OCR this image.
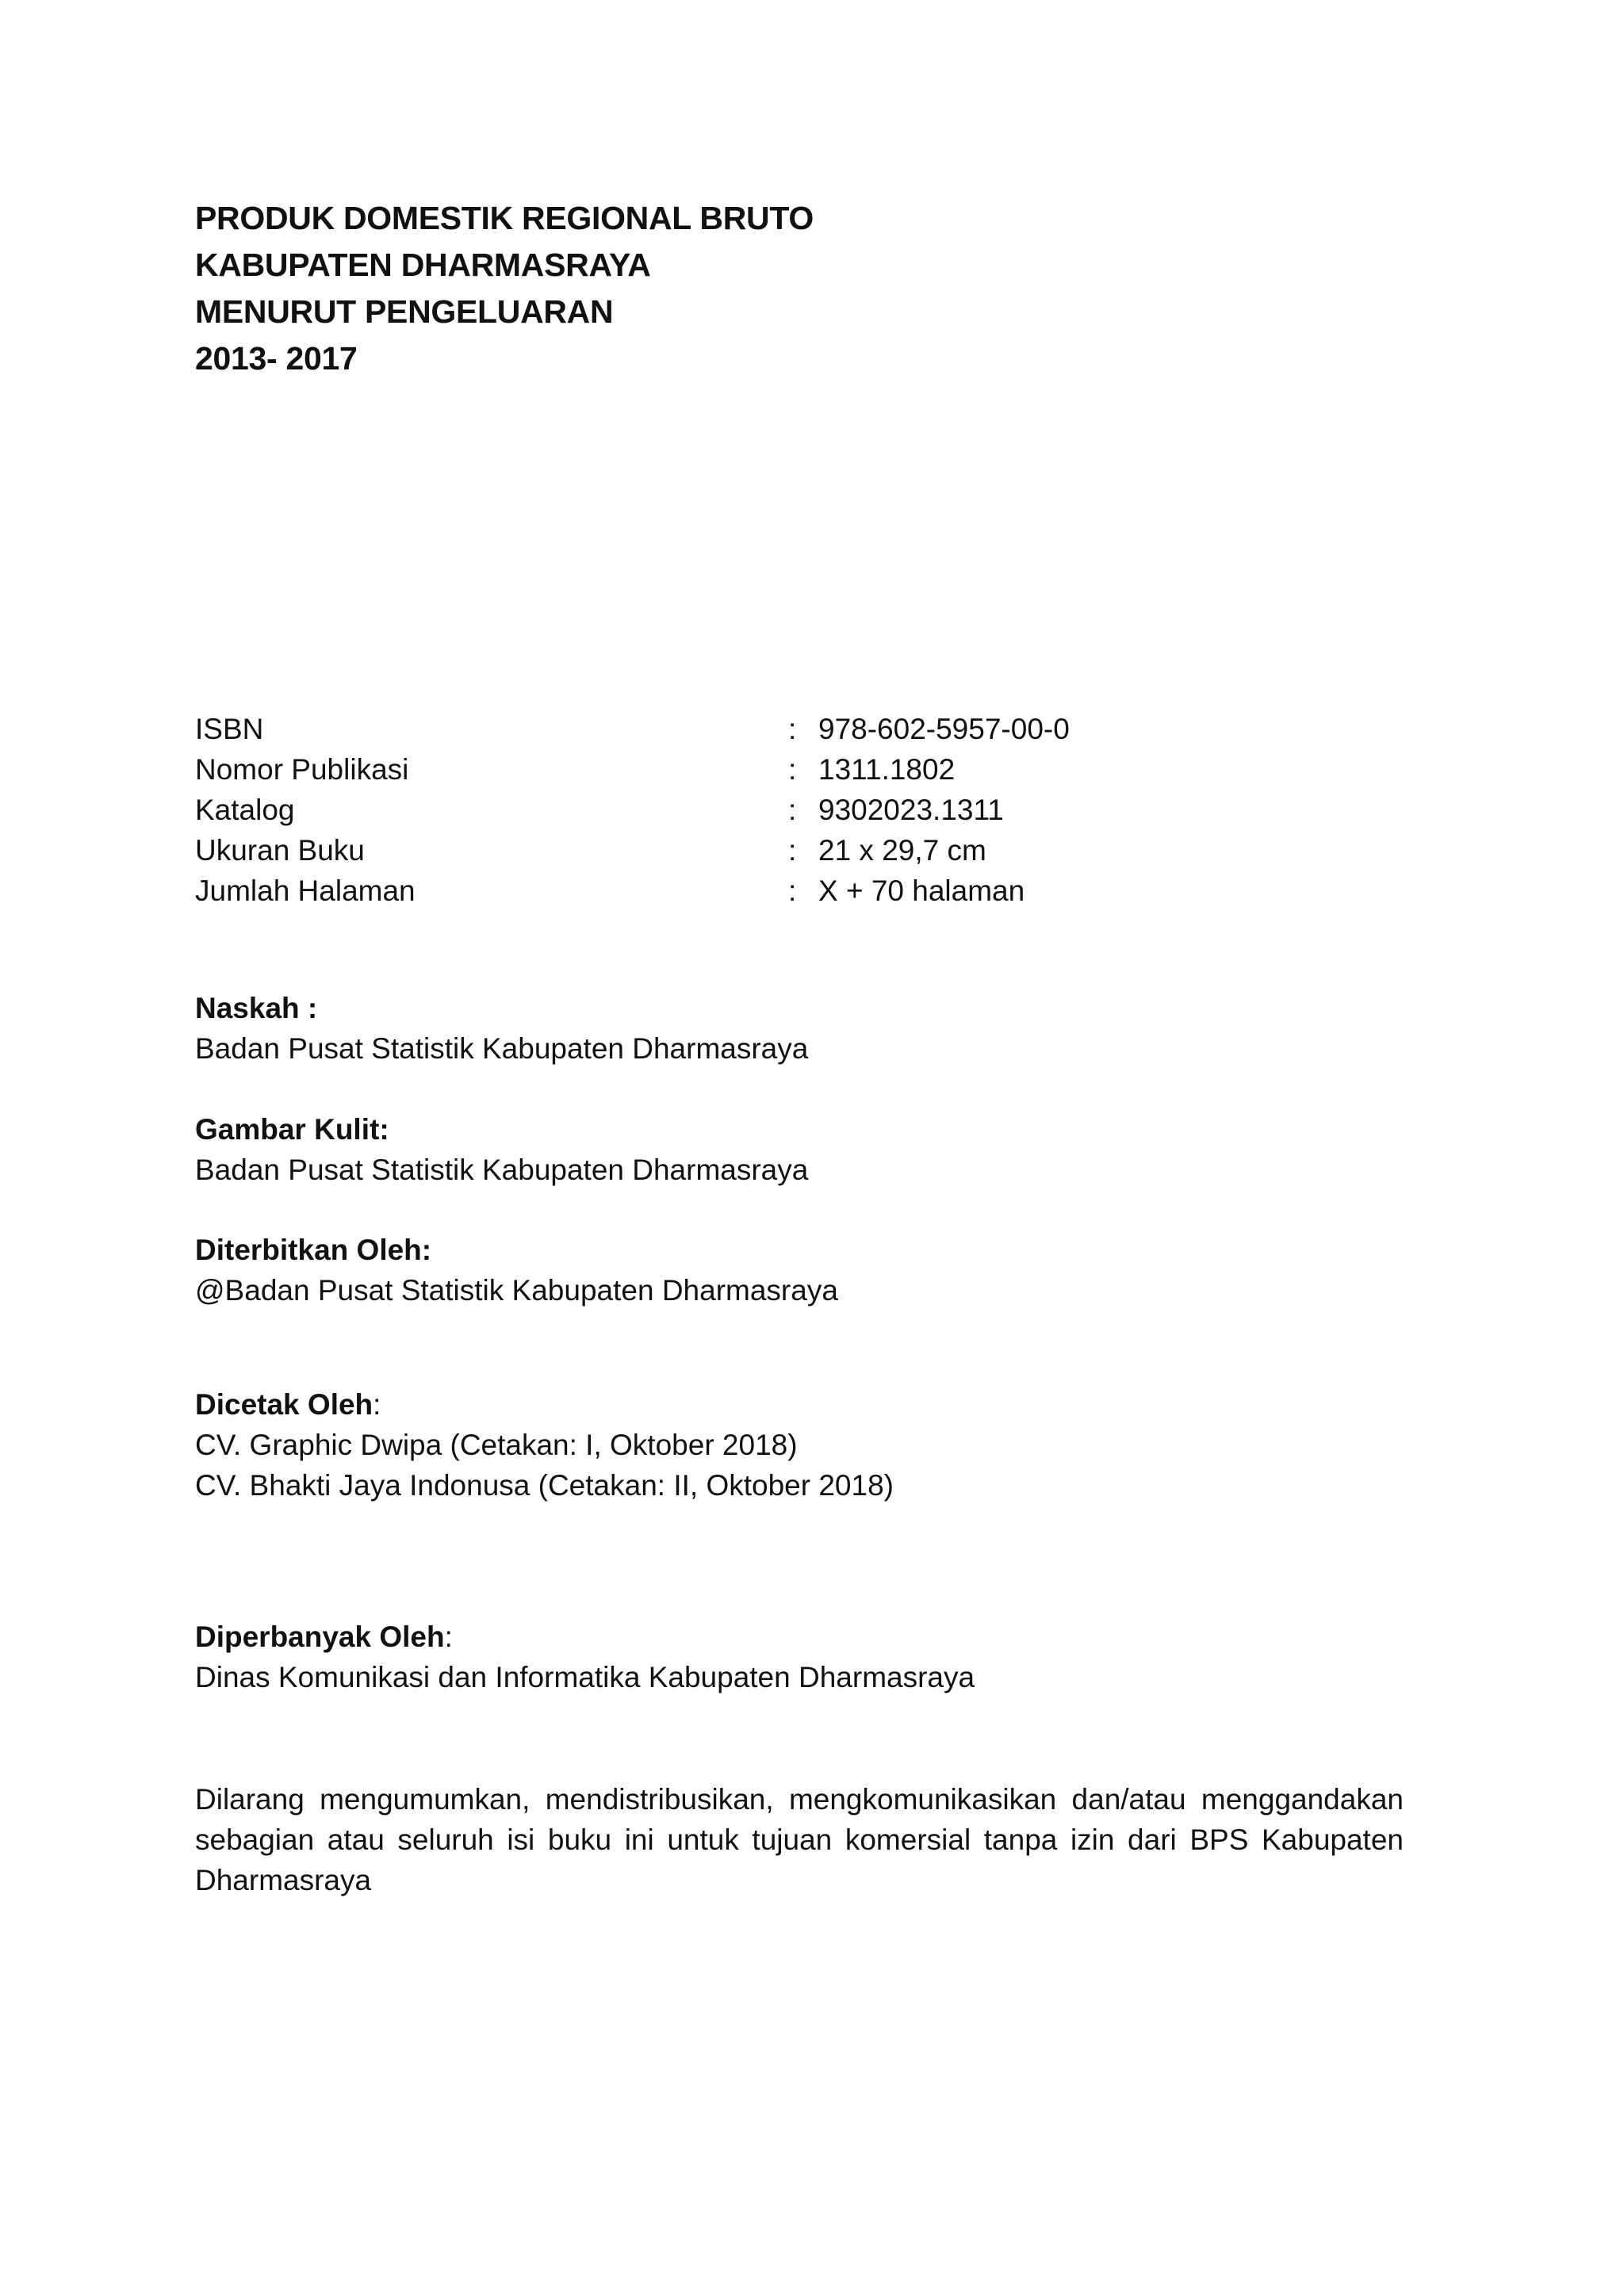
PRODUK DOMESTIK REGIONAL BRUTO
KABUPATEN DHARMASRAYA
MENURUT PENGELUARAN
2013- 2017
ISBN	: 978-602-5957-00-0
Nomor Publikasi	: 1311.1802
Katalog	: 9302023.1311
Ukuran Buku	: 21 x 29,7 cm
Jumlah Halaman	: X + 70 halaman
Naskah :
Badan Pusat Statistik Kabupaten Dharmasraya
Gambar Kulit:
Badan Pusat Statistik Kabupaten Dharmasraya
Diterbitkan Oleh:
@Badan Pusat Statistik Kabupaten Dharmasraya
Dicetak Oleh:
CV. Graphic Dwipa (Cetakan: I, Oktober 2018)
CV. Bhakti Jaya Indonusa (Cetakan: II, Oktober 2018)
Diperbanyak Oleh:
Dinas Komunikasi dan Informatika Kabupaten Dharmasraya
Dilarang mengumumkan, mendistribusikan, mengkomunikasikan dan/atau menggandakan sebagian atau seluruh isi buku ini untuk tujuan komersial tanpa izin dari BPS Kabupaten Dharmasraya
